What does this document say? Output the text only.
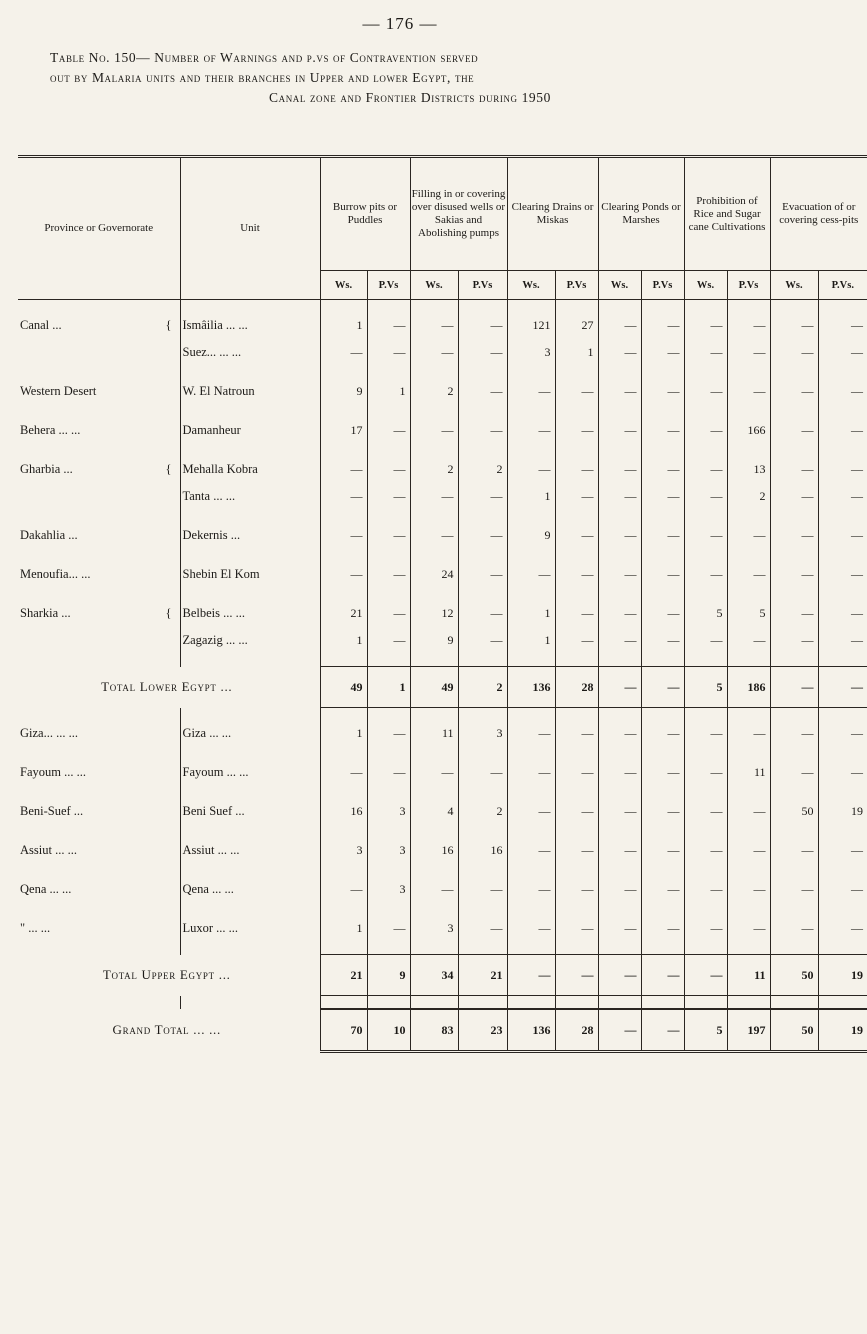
— 176 —
Table No. 150— Number of Warnings and p.vs of Contravention served
out by Malaria units and their branches in Upper and lower Egypt, the
Canal zone and Frontier Districts during 1950
Province or Governorate	Unit	Burrow pits or Puddles		Filling in or covering over disused wells or Sakias and Abolishing pumps		Clearing Drains or Miskas		Clearing Ponds or Marshes		Prohibition of Rice and Sugar cane Cultivations		Evacuation of or covering cess-pits	
		Ws.	P.Vs	Ws.	P.Vs	Ws.	P.Vs	Ws.	P.Vs	Ws.	P.Vs	Ws.	P.Vs.

Canal ... {	Ismâilia ... ...	1	—	—	—	121	27	—	—	—	—	—	—
	Suez... ... ...	—	—	—	—	3	1	—	—	—	—	—	—

Western Desert	W. El Natroun	9	1	2	—	—	—	—	—	—	—	—	—

Behera ... ...	Damanheur	17	—	—	—	—	—	—	—	—	166	—	—

Gharbia ... {	Mehalla Kobra	—	—	2	2	—	—	—	—	—	13	—	—
	Tanta ... ...	—	—	—	—	1	—	—	—	—	2	—	—

Dakahlia ...	Dekernis ...	—	—	—	—	9	—	—	—	—	—	—	—

Menoufia... ...	Shebin El Kom	—	—	24	—	—	—	—	—	—	—	—	—

Sharkia ... {	Belbeis ... ...	21	—	12	—	1	—	—	—	5	5	—	—
	Zagazig ... ...	1	—	9	—	1	—	—	—	—	—	—	—

Total Lower Egypt ...		49	1	49	2	136	28	—	—	5	186	—	—

Giza... ... ...	Giza ... ...	1	—	11	3	—	—	—	—	—	—	—	—

Fayoum ... ...	Fayoum ... ...	—	—	—	—	—	—	—	—	—	11	—	—

Beni-Suef ...	Beni Suef ...	16	3	4	2	—	—	—	—	—	—	50	19

Assiut ... ...	Assiut ... ...	3	3	16	16	—	—	—	—	—	—	—	—

Qena ... ...	Qena ... ...	—	3	—	—	—	—	—	—	—	—	—	—

" ... ...	Luxor ... ...	1	—	3	—	—	—	—	—	—	—	—	—

Total Upper Egypt ...		21	9	34	21	—	—	—	—	—	11	50	19

Grand Total ... ...		70	10	83	23	136	28	—	—	5	197	50	19
